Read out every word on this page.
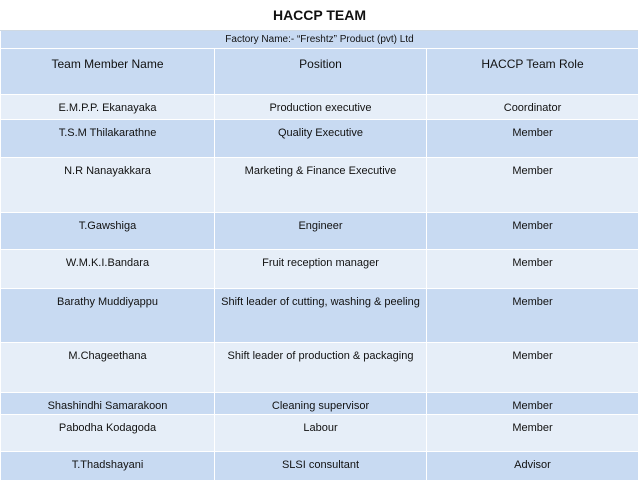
HACCP TEAM		
Factory Name:- “Freshtz” Product (pvt) Ltd		
Team Member Name	Position	HACCP Team Role
E.M.P.P. Ekanayaka	Production executive	Coordinator
T.S.M Thilakarathne	Quality Executive	Member
N.R Nanayakkara	Marketing & Finance Executive	Member
T.Gawshiga	Engineer	Member
W.M.K.I.Bandara	Fruit reception manager	Member
Barathy Muddiyappu	Shift leader of cutting, washing & peeling	Member
M.Chageethana	Shift leader of production & packaging	Member
Shashindhi Samarakoon	Cleaning supervisor	Member
Pabodha Kodagoda	Labour	Member
T.Thadshayani	SLSI consultant	Advisor
